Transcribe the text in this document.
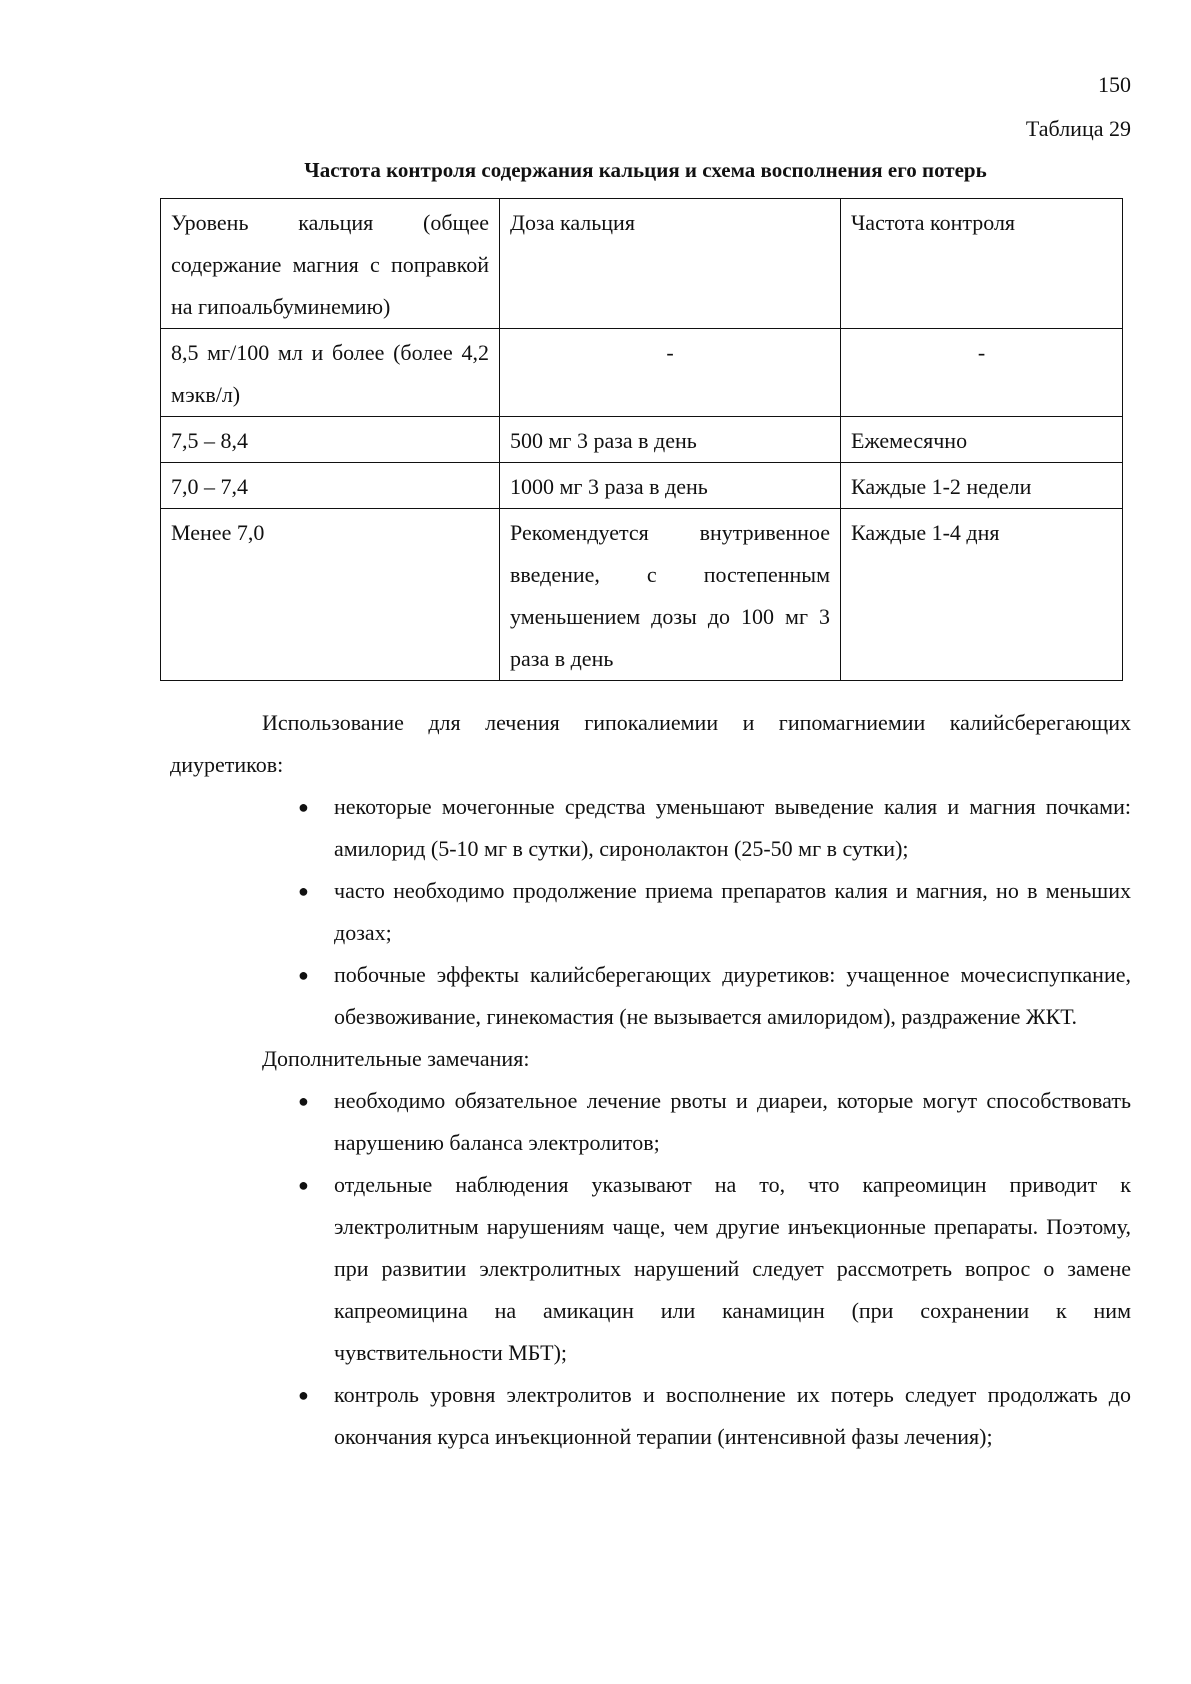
150
Таблица 29
Частота контроля содержания кальция и схема восполнения его потерь
Уровень кальция (общее содержание магния с поправкой на гипоальбуминемию)	Доза кальция	Частота контроля
8,5 мг/100 мл и более (более 4,2 мэкв/л)	-	-
7,5 – 8,4	500 мг 3 раза в день	Ежемесячно
7,0 – 7,4	1000 мг 3 раза в день	Каждые 1-2 недели
Менее 7,0	Рекомендуется внутривенное введение, с постепенным уменьшением дозы до 100 мг 3 раза в день	Каждые 1-4 дня
Использование для лечения гипокалиемии и гипомагниемии калийсберегающих диуретиков:
● некоторые мочегонные средства уменьшают выведение калия и магния почками: амилорид (5-10 мг в сутки), сиронолактон (25-50 мг в сутки);
● часто необходимо продолжение приема препаратов калия и магния, но в меньших дозах;
● побочные эффекты калийсберегающих диуретиков: учащенное мочесиспупкание, обезвоживание, гинекомастия (не вызывается амилоридом), раздражение ЖКТ.
Дополнительные замечания:
● необходимо обязательное лечение рвоты и диареи, которые могут способствовать нарушению баланса электролитов;
● отдельные наблюдения указывают на то, что капреомицин приводит к электролитным нарушениям чаще, чем другие инъекционные препараты. Поэтому, при развитии электролитных нарушений следует рассмотреть вопрос о замене капреомицина на амикацин или канамицин (при сохранении к ним чувствительности МБТ);
● контроль уровня электролитов и восполнение их потерь следует продолжать до окончания курса инъекционной терапии (интенсивной фазы лечения);
